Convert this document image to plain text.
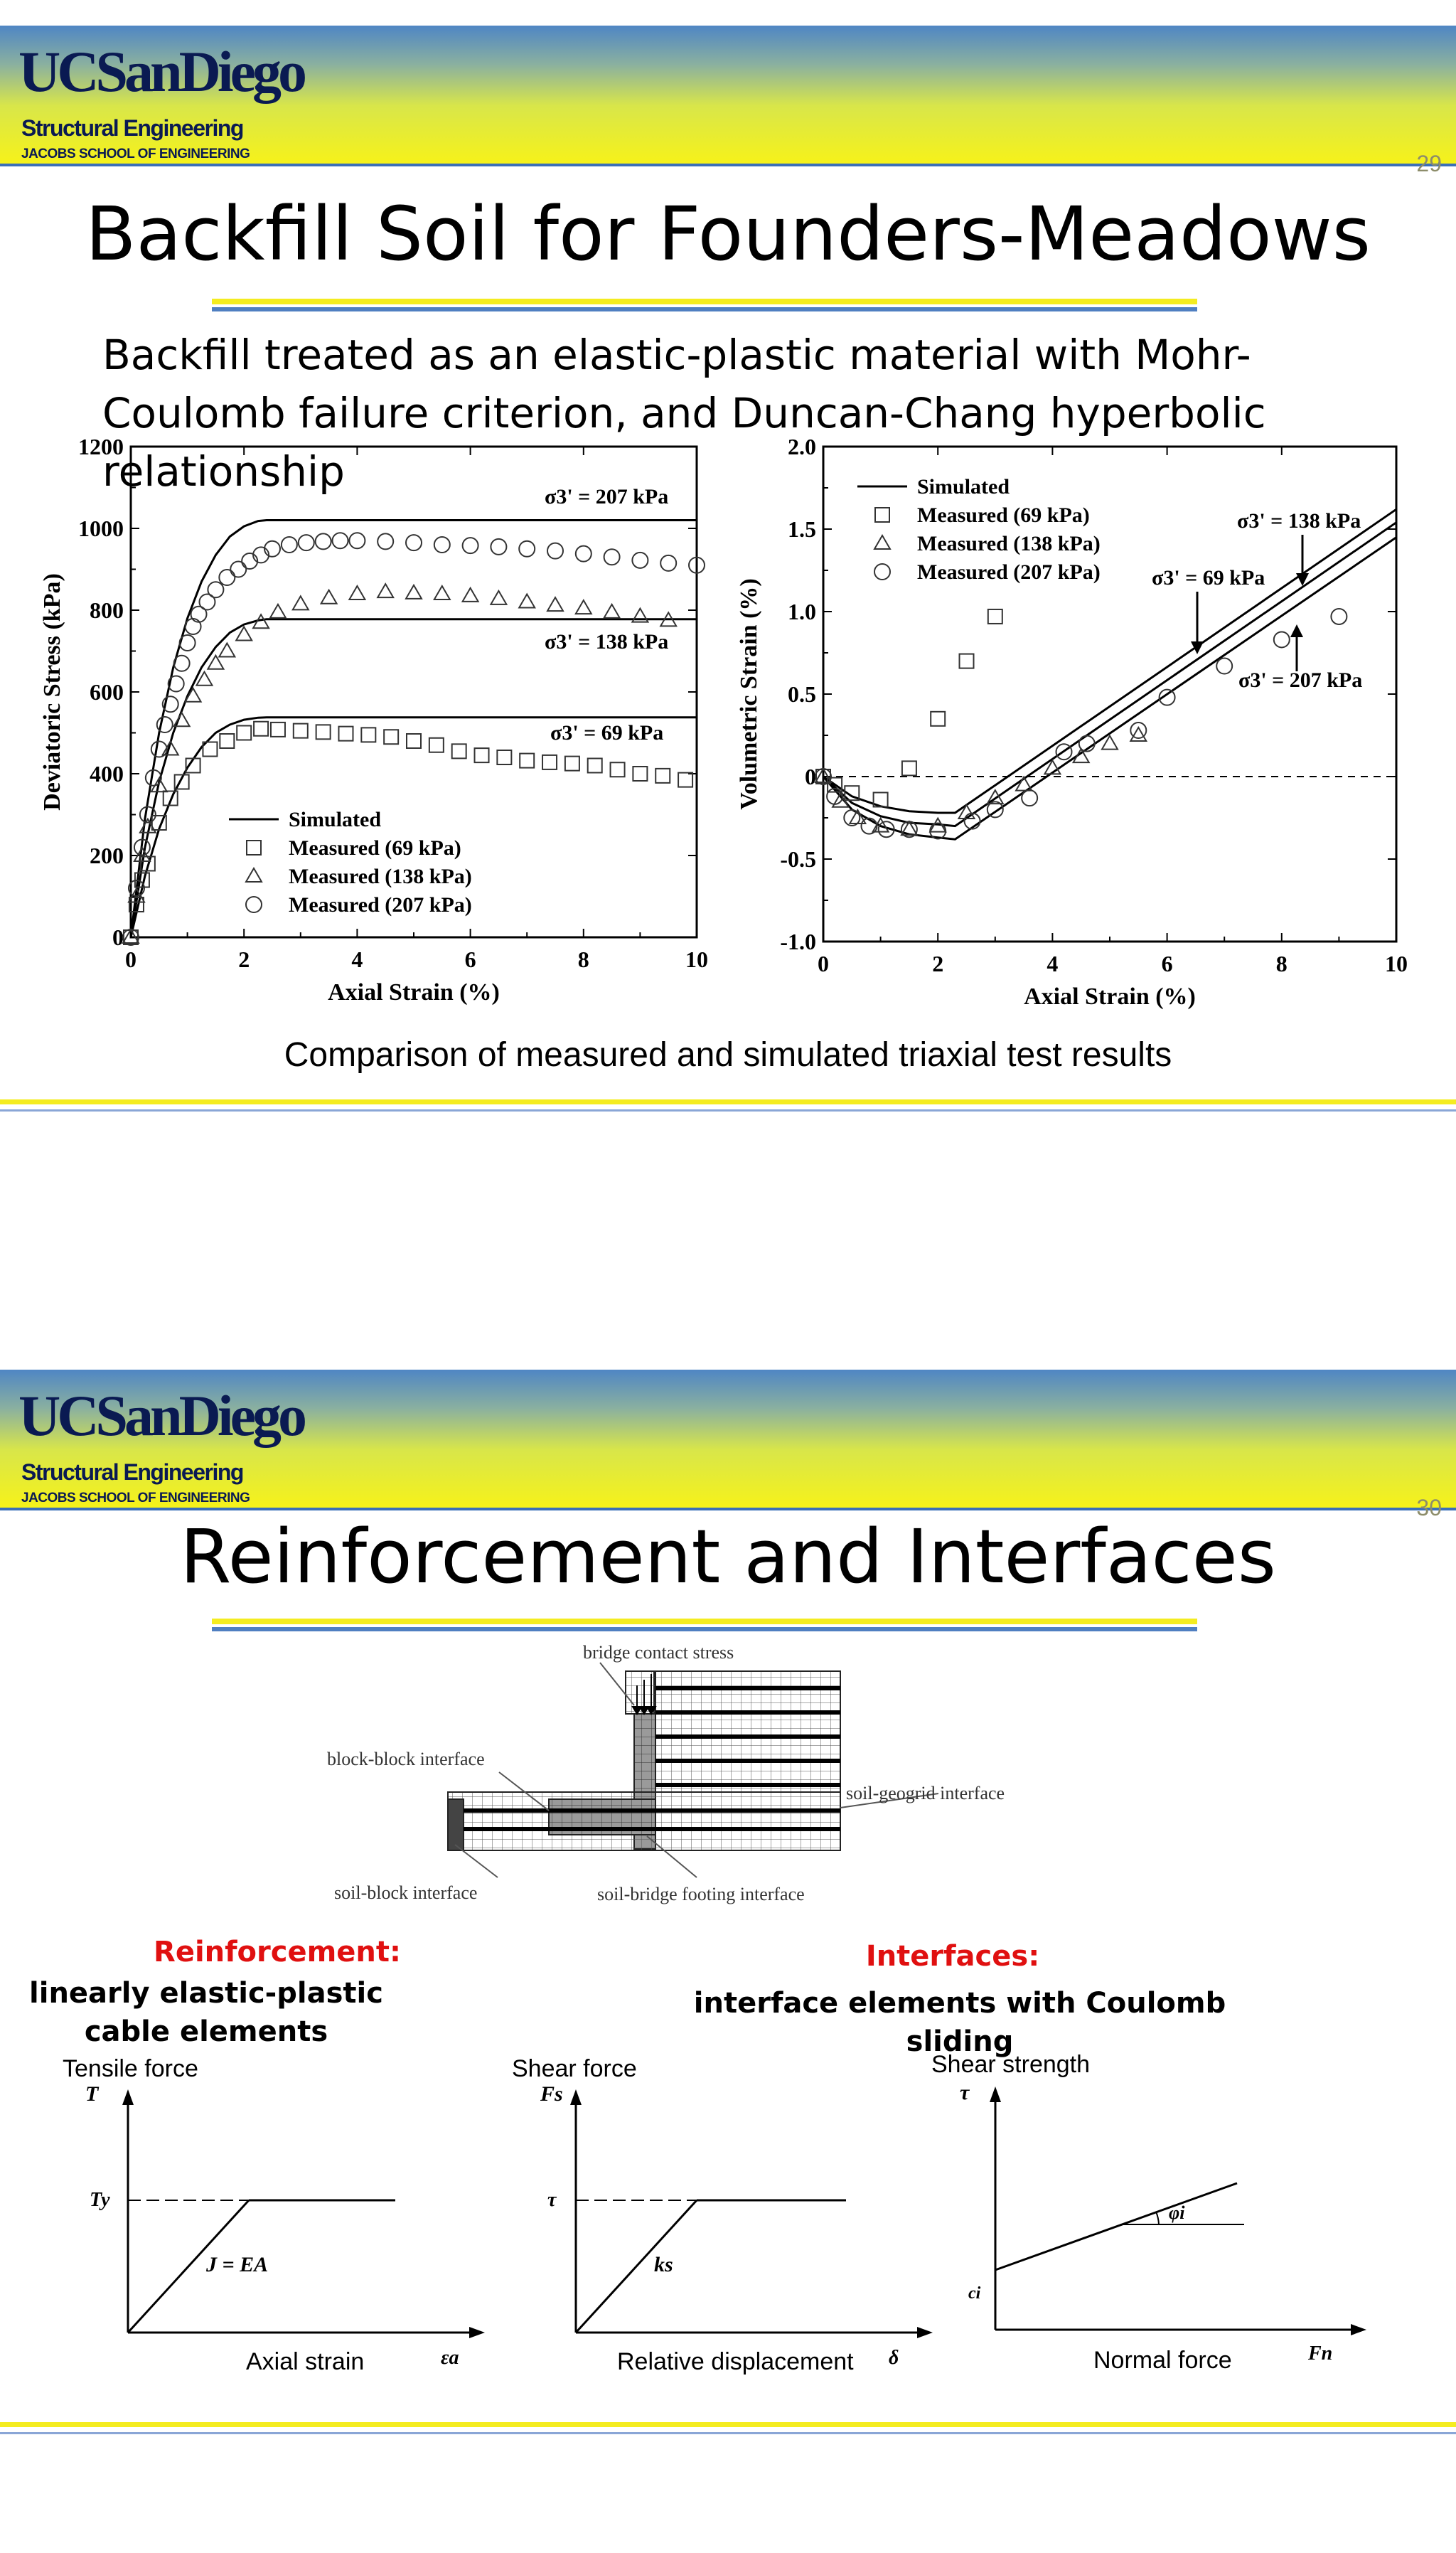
UCSanDiego
Structural Engineering
JACOBS SCHOOL OF ENGINEERING	29
Backfill Soil for Founders-Meadows
Backfill treated as an elastic-plastic material with Mohr-Coulomb failure criterion, and Duncan-Chang hyperbolic relationship
0	2	4	6	8	10
0
200
400
600
800
1000
1200
Axial Strain (%)
Deviatoric Stress (kPa)
Simulated
Measured (69 kPa)
Measured (138 kPa)
Measured (207 kPa)
σ3' = 207 kPa
σ3' = 138 kPa
σ3' = 69 kPa
0	2	4	6	8	10
-1.0
-0.5
0
0.5
1.0
1.5
2.0
Axial Strain (%)
Volumetric Strain (%)
Simulated
Measured (69 kPa)
Measured (138 kPa)
Measured (207 kPa)
σ3' = 138 kPa
σ3' = 69 kPa
σ3' = 207 kPa
Comparison of measured and simulated triaxial test results
UCSanDiego
Structural Engineering
JACOBS SCHOOL OF ENGINEERING	30
Reinforcement and Interfaces
bridge contact stress
block-block interface
soil-geogrid interface
soil-block interface	soil-bridge footing interface
Reinforcement:
linearly elastic-plastic cable elements
Interfaces:
interface elements with Coulomb sliding
Tensile force
T
Ty
J = EA
εa
Axial strain
Shear force
Fs
τ
ks
δ
Relative displacement
Shear strength
τ
φi
ci
Fn
Normal force
